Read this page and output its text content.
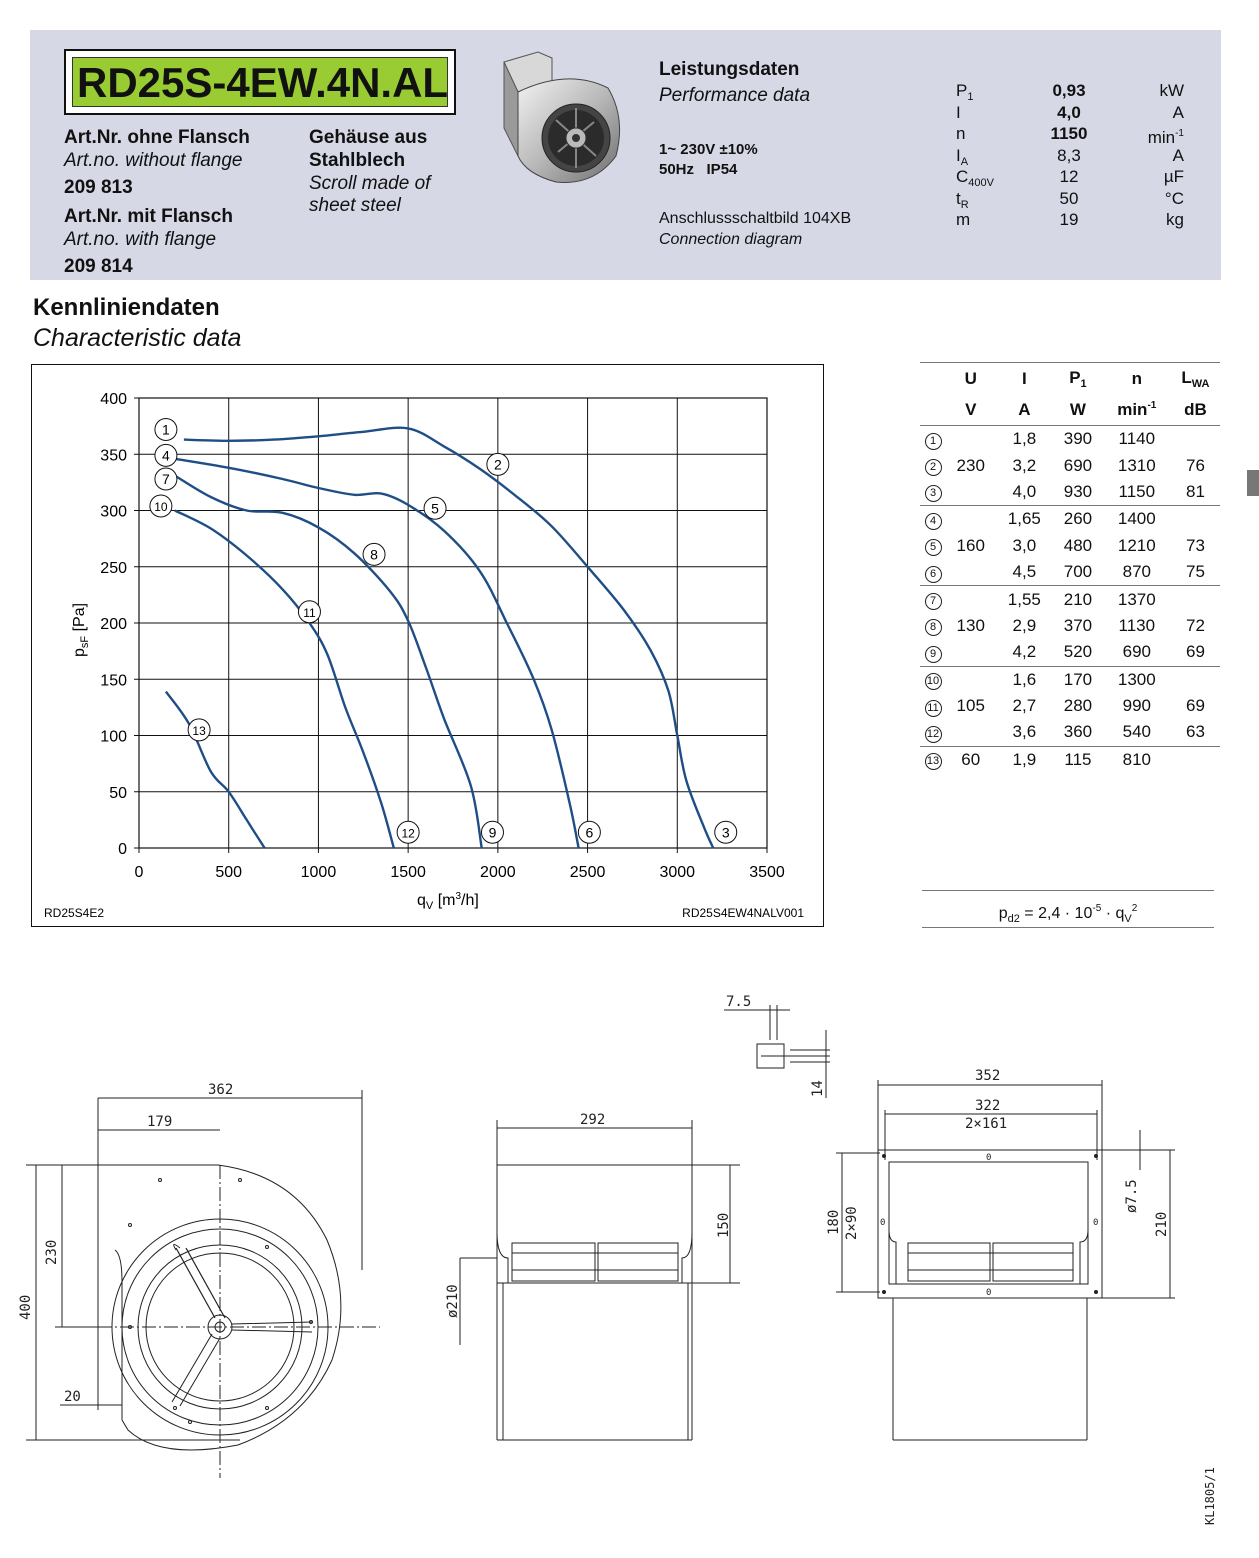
RD25S-4EW.4N.AL
Art.Nr. ohne Flansch
Art.no. without flange
209 813
Art.Nr. mit Flansch
Art.no. with flange
209 814
Gehäuse aus
Stahlblech
Scroll made of
sheet steel
Leistungsdaten
Performance data
1~ 230V ±10%
50Hz   IP54
Anschlussschaltbild 104XB
Connection diagram
$P_1$	0,93	kW
I	4,0	A
n	1150	$\min^{-1}$
$I_A$	8,3	A
$C_{400V}$	12	µF
$t_R$	50	°C
m	19	kg
Kennliniendaten
Characteristic data
0	500	1000	1500	2000	2500	3000	3500
0
50
100
150
200
250
300
350
400
1
4
7
10
2
5
8
11
13
12	9	6	3
$p_{sF}$ [Pa]
$q_V$ $[m^3/h]$
RD25S4E2	RD25S4EW4NALV001
	U	I	$P_1$	n	$L_{WA}$
	V	A	W	$\min^{-1}$	dB
1		1,8	390	1140	
2	230	3,2	690	1310	76
3		4,0	930	1150	81
4		1,65	260	1400	
5	160	3,0	480	1210	73
6		4,5	700	870	75
7		1,55	210	1370	
8	130	2,9	370	1130	72
9		4,2	520	690	69
10		1,6	170	1300	
11	105	2,7	280	990	69
12		3,6	360	540	63
13	60	1,9	115	810	
$p_{d2} = 2,4 \cdot 10^{-5} \cdot q_V^2$
362
179
230
400
20
292
150
ø210
7.5
14
352
322
2×161
180 2×90
ø7.5
210
0
0
0	0
KL1805/1
